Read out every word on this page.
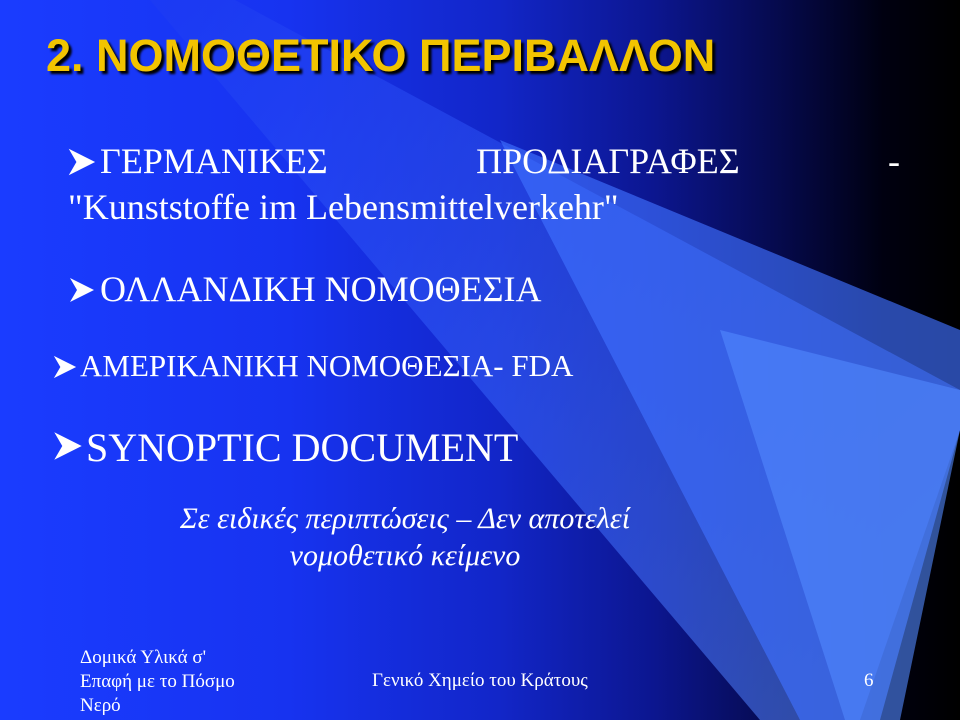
2. ΝΟΜΟΘΕΤΙΚΟ ΠΕΡΙΒΑΛΛΟΝ
ΓΕΡΜΑΝΙΚΕΣ	ΠΡΟΔΙΑΓΡΑΦΕΣ	-
"Kunststoffe im Lebensmittelverkehr"
ΟΛΛΑΝΔΙΚΗ ΝΟΜΟΘΕΣΙΑ
ΑΜΕΡΙΚΑΝΙΚΗ ΝΟΜΟΘΕΣΙΑ- FDA
SYNOPTIC DOCUMENT
Σε ειδικές περιπτώσεις – Δεν αποτελεί νομοθετικό κείμενο
Δομικά Υλικά σ'
Επαφή με το Πόσμο
Νερό
Γενικό Χημείο του Κράτους	6
